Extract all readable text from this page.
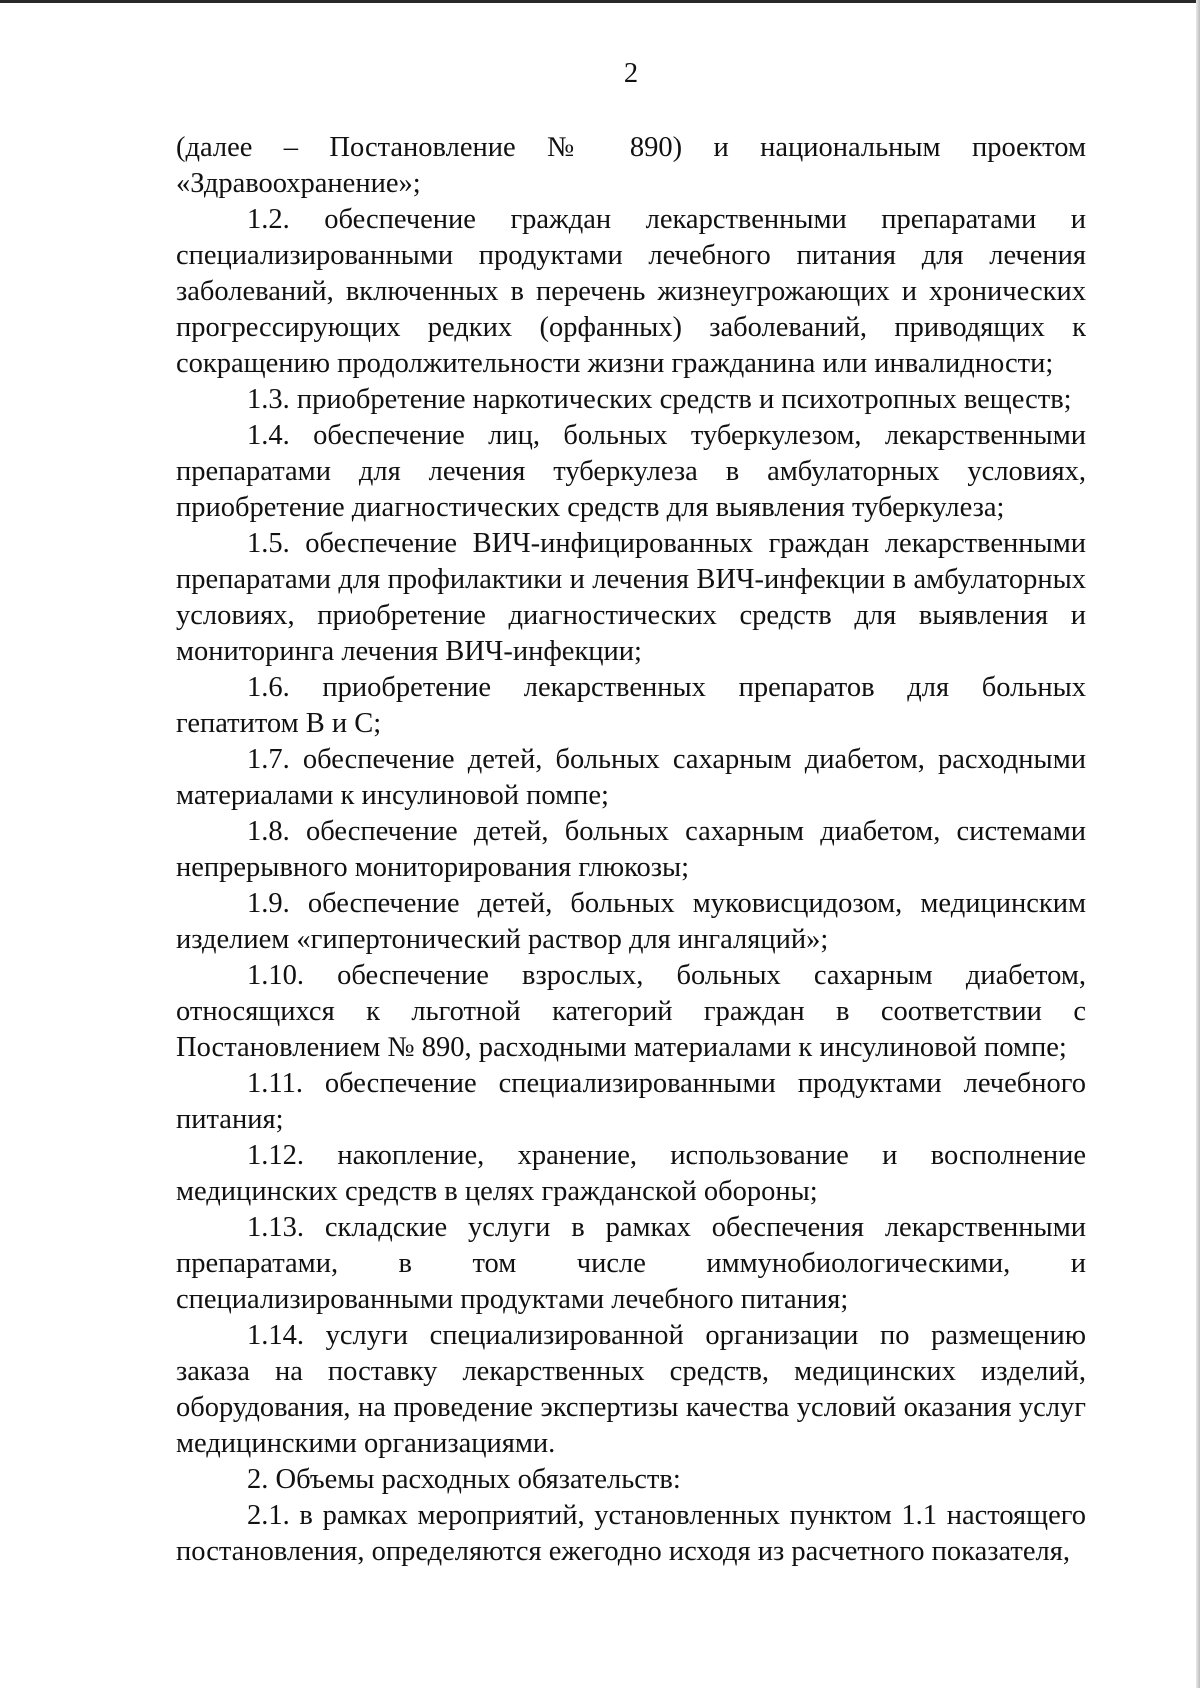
2

(далее – Постановление № 890) и национальным проектом «Здравоохранение»;

1.2. обеспечение граждан лекарственными препаратами и специализированными продуктами лечебного питания для лечения заболеваний, включенных в перечень жизнеугрожающих и хронических прогрессирующих редких (орфанных) заболеваний, приводящих к сокращению продолжительности жизни гражданина или инвалидности;

1.3. приобретение наркотических средств и психотропных веществ;

1.4. обеспечение лиц, больных туберкулезом, лекарственными препаратами для лечения туберкулеза в амбулаторных условиях, приобретение диагностических средств для выявления туберкулеза;

1.5. обеспечение ВИЧ-инфицированных граждан лекарственными препаратами для профилактики и лечения ВИЧ-инфекции в амбулаторных условиях, приобретение диагностических средств для выявления и мониторинга лечения ВИЧ-инфекции;

1.6. приобретение лекарственных препаратов для больных гепатитом В и С;

1.7. обеспечение детей, больных сахарным диабетом, расходными материалами к инсулиновой помпе;

1.8. обеспечение детей, больных сахарным диабетом, системами непрерывного мониторирования глюкозы;

1.9. обеспечение детей, больных муковисцидозом, медицинским изделием «гипертонический раствор для ингаляций»;

1.10. обеспечение взрослых, больных сахарным диабетом, относящихся к льготной категорий граждан в соответствии с Постановлением № 890, расходными материалами к инсулиновой помпе;

1.11. обеспечение специализированными продуктами лечебного питания;

1.12. накопление, хранение, использование и восполнение медицинских средств в целях гражданской обороны;

1.13. складские услуги в рамках обеспечения лекарственными препаратами, в том числе иммунобиологическими, и специализированными продуктами лечебного питания;

1.14. услуги специализированной организации по размещению заказа на поставку лекарственных средств, медицинских изделий, оборудования, на проведение экспертизы качества условий оказания услуг медицинскими организациями.

2. Объемы расходных обязательств:

2.1. в рамках мероприятий, установленных пунктом 1.1 настоящего постановления, определяются ежегодно исходя из расчетного показателя,
